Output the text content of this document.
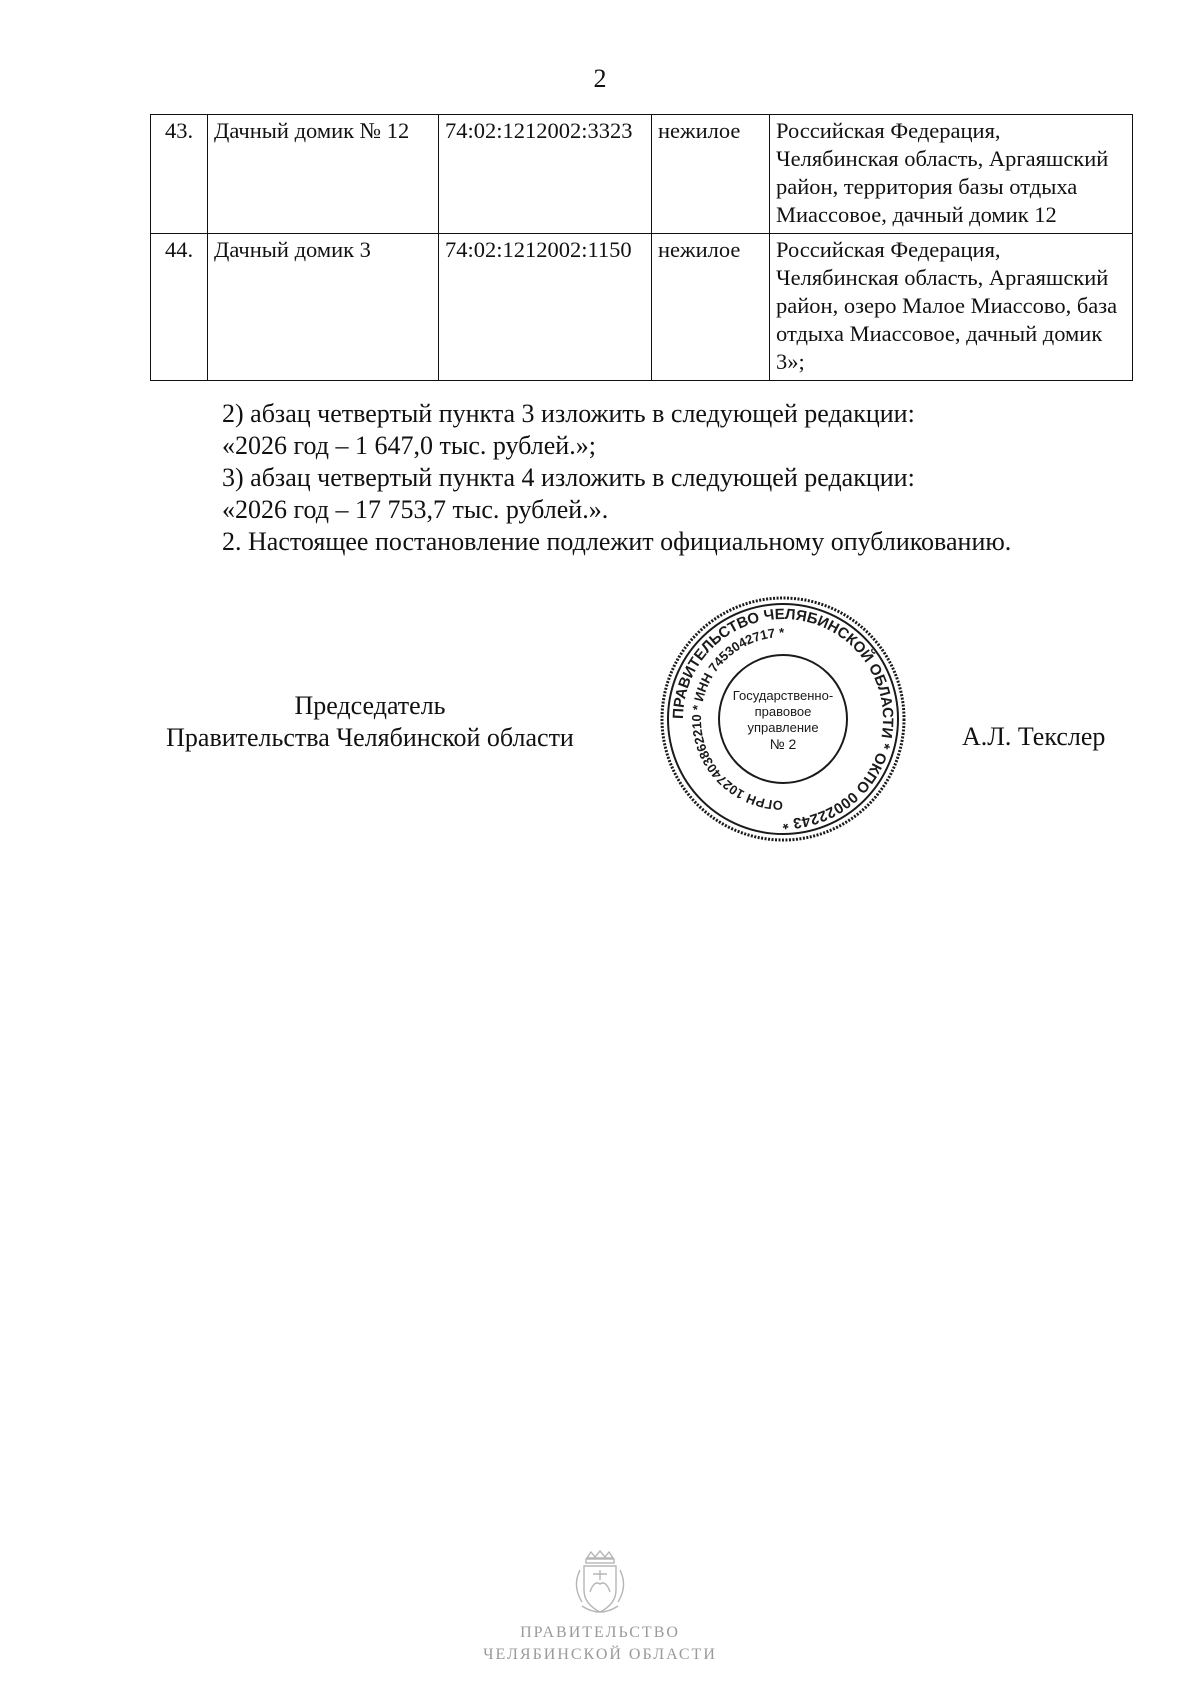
2
43.	Дачный домик № 12	74:02:1212002:3323	нежилое	Российская Федерация, Челябинская область, Аргаяшский район, территория базы отдыха Миассовое, дачный домик 12
44.	Дачный домик 3	74:02:1212002:1150	нежилое	Российская Федерация, Челябинская область, Аргаяшский район, озеро Малое Миассово, база отдыха Миассовое, дачный домик 3»;

2) абзац четвертый пункта 3 изложить в следующей редакции:

«2026 год – 1 647,0 тыс. рублей.»;

3) абзац четвертый пункта 4 изложить в следующей редакции:

«2026 год – 17 753,7 тыс. рублей.».

2. Настоящее постановление подлежит официальному опубликованию.

Председатель
Правительства Челябинской области
ПРАВИТЕЛЬСТВО ЧЕЛЯБИНСКОЙ ОБЛАСТИ * ОКПО 00022243 *
ОГРН 1027403862210 * ИНН 7453042717 *
Государственно-
правовое
управление
№ 2	А.Л. Текслер
ПРАВИТЕЛЬСТВО
ЧЕЛЯБИНСКОЙ ОБЛАСТИ
